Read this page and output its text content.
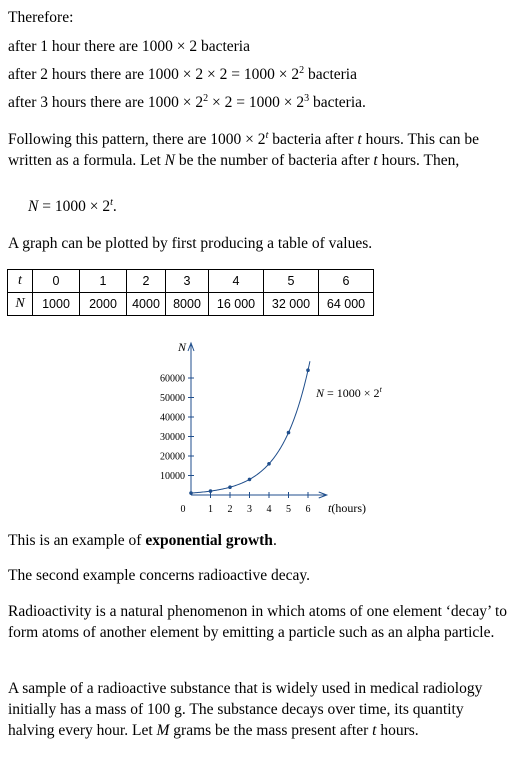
Therefore:
after 1 hour there are 1000 × 2 bacteria
after 2 hours there are $1000 \times 2 \times 2 = 1000 \times 2^2$ bacteria
after 3 hours there are $1000 \times 2^2 \times 2 = 1000 \times 2^3$ bacteria.

Following this pattern, there are $1000 \times 2^t$ bacteria after t hours. This can be written as a formula. Let N be the number of bacteria after t hours. Then,

$N = 1000 \times 2^t$.
A graph can be plotted by first producing a table of values.
t	0	1	2	3	4	5	6
N	1000	2000	4000	8000	16 000	32 000	64 000
10000
20000
30000
40000
50000
60000
0 1 2 3 4 5 6
N
t(hours)
$N = 1000 \times 2^t$
This is an example of exponential growth.
The second example concerns radioactive decay.

Radioactivity is a natural phenomenon in which atoms of one element ‘decay’ to form atoms of another element by emitting a particle such as an alpha particle.

A sample of a radioactive substance that is widely used in medical radiology initially has a mass of 100 g. The substance decays over time, its quantity halving every hour. Let M grams be the mass present after t hours.
